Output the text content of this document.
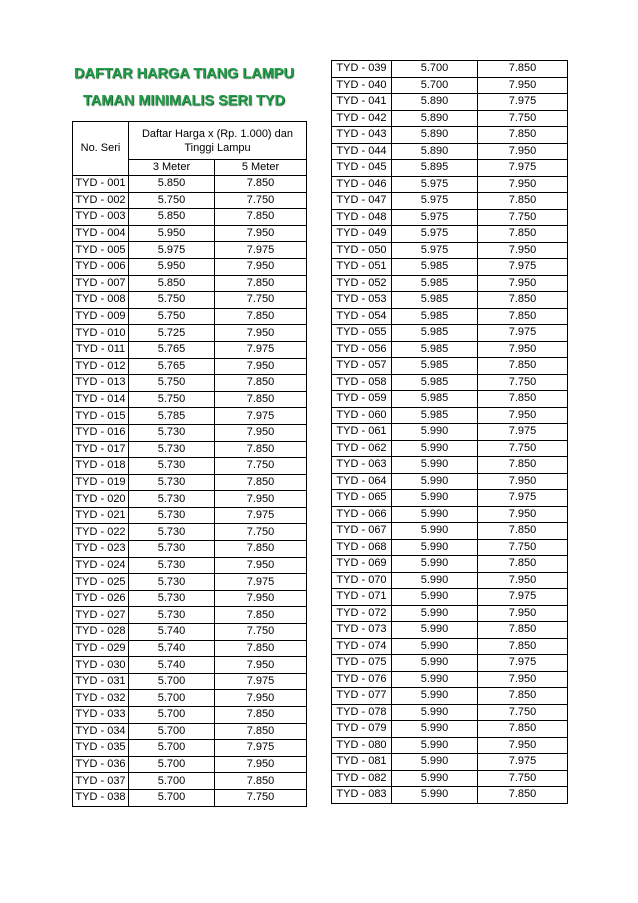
DAFTAR HARGA TIANG LAMPU
TAMAN MINIMALIS SERI TYD
No. Seri	Daftar Harga x (Rp. 1.000) dan Tinggi Lampu	
	3 Meter	5 Meter
TYD - 001	5.850	7.850
TYD - 002	5.750	7.750
TYD - 003	5.850	7.850
TYD - 004	5.950	7.950
TYD - 005	5.975	7.975
TYD - 006	5.950	7.950
TYD - 007	5.850	7.850
TYD - 008	5.750	7.750
TYD - 009	5.750	7.850
TYD - 010	5.725	7.950
TYD - 011	5.765	7.975
TYD - 012	5.765	7.950
TYD - 013	5.750	7.850
TYD - 014	5.750	7.850
TYD - 015	5.785	7.975
TYD - 016	5.730	7.950
TYD - 017	5.730	7.850
TYD - 018	5.730	7.750
TYD - 019	5.730	7.850
TYD - 020	5.730	7.950
TYD - 021	5.730	7.975
TYD - 022	5.730	7.750
TYD - 023	5.730	7.850
TYD - 024	5.730	7.950
TYD - 025	5.730	7.975
TYD - 026	5.730	7.950
TYD - 027	5.730	7.850
TYD - 028	5.740	7.750
TYD - 029	5.740	7.850
TYD - 030	5.740	7.950
TYD - 031	5.700	7.975
TYD - 032	5.700	7.950
TYD - 033	5.700	7.850
TYD - 034	5.700	7.850
TYD - 035	5.700	7.975
TYD - 036	5.700	7.950
TYD - 037	5.700	7.850
TYD - 038	5.700	7.750
TYD - 039	5.700	7.850
TYD - 040	5.700	7.950
TYD - 041	5.890	7.975
TYD - 042	5.890	7.750
TYD - 043	5.890	7.850
TYD - 044	5.890	7.950
TYD - 045	5.895	7.975
TYD - 046	5.975	7.950
TYD - 047	5.975	7.850
TYD - 048	5.975	7.750
TYD - 049	5.975	7.850
TYD - 050	5.975	7.950
TYD - 051	5.985	7.975
TYD - 052	5.985	7.950
TYD - 053	5.985	7.850
TYD - 054	5.985	7.850
TYD - 055	5.985	7.975
TYD - 056	5.985	7.950
TYD - 057	5.985	7.850
TYD - 058	5.985	7.750
TYD - 059	5.985	7.850
TYD - 060	5.985	7.950
TYD - 061	5.990	7.975
TYD - 062	5.990	7.750
TYD - 063	5.990	7.850
TYD - 064	5.990	7.950
TYD - 065	5.990	7.975
TYD - 066	5.990	7.950
TYD - 067	5.990	7.850
TYD - 068	5.990	7.750
TYD - 069	5.990	7.850
TYD - 070	5.990	7.950
TYD - 071	5.990	7.975
TYD - 072	5.990	7.950
TYD - 073	5.990	7.850
TYD - 074	5.990	7.850
TYD - 075	5.990	7.975
TYD - 076	5.990	7.950
TYD - 077	5.990	7.850
TYD - 078	5.990	7.750
TYD - 079	5.990	7.850
TYD - 080	5.990	7.950
TYD - 081	5.990	7.975
TYD - 082	5.990	7.750
TYD - 083	5.990	7.850
